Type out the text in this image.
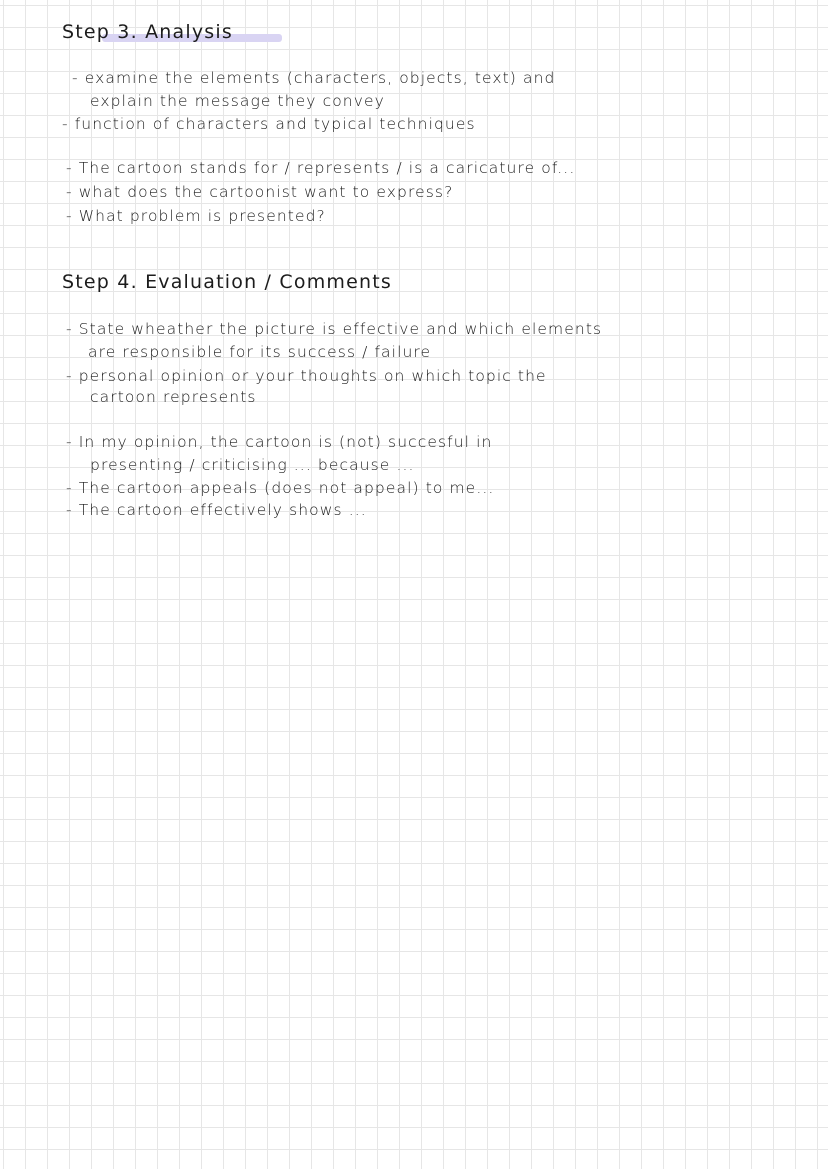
Step 3. Analysis
- examine the elements (characters, objects, text) and
explain the message they convey
- function of characters and typical techniques
- The cartoon stands for / represents / is a caricature of...
- what does the cartoonist want to express?
- What problem is presented?
Step 4. Evaluation / Comments
- State wheather the picture is effective and which elements
are responsible for its success / failure
- personal opinion or your thoughts on which topic the
cartoon represents
- In my opinion, the cartoon is (not) succesful in
presenting / criticising ... because ...
- The cartoon appeals (does not appeal) to me...
- The cartoon effectively shows ...
